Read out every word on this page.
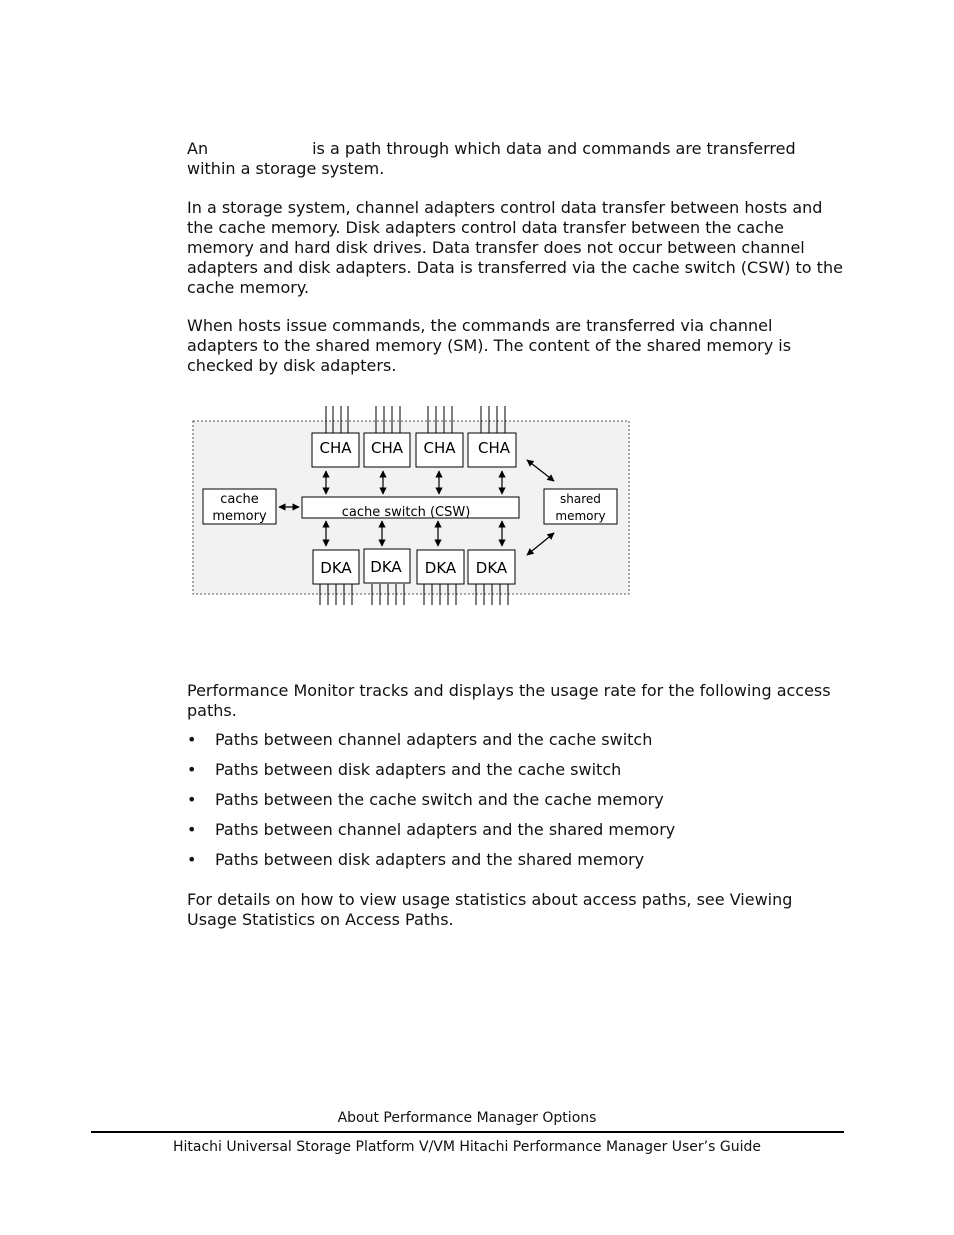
An	is a path through which data and commands are transferred within a storage system.

In a storage system, channel adapters control data transfer between hosts and the cache memory. Disk adapters control data transfer between the cache memory and hard disk drives. Data transfer does not occur between channel adapters and disk adapters. Data is transferred via the cache switch (CSW) to the cache memory.

When hosts issue commands, the commands are transferred via channel adapters to the shared memory (SM). The content of the shared memory is checked by disk adapters.

CHA CHA CHA CHA
cache
memory	cache switch (CSW)
shared
memory
DKA DKA DKA DKA

Performance Monitor tracks and displays the usage rate for the following access paths.

• Paths between channel adapters and the cache switch
• Paths between disk adapters and the cache switch
• Paths between the cache switch and the cache memory
• Paths between channel adapters and the shared memory
• Paths between disk adapters and the shared memory

For details on how to view usage statistics about access paths, see Viewing Usage Statistics on Access Paths.

About Performance Manager Options
Hitachi Universal Storage Platform V/VM Hitachi Performance Manager User’s Guide
